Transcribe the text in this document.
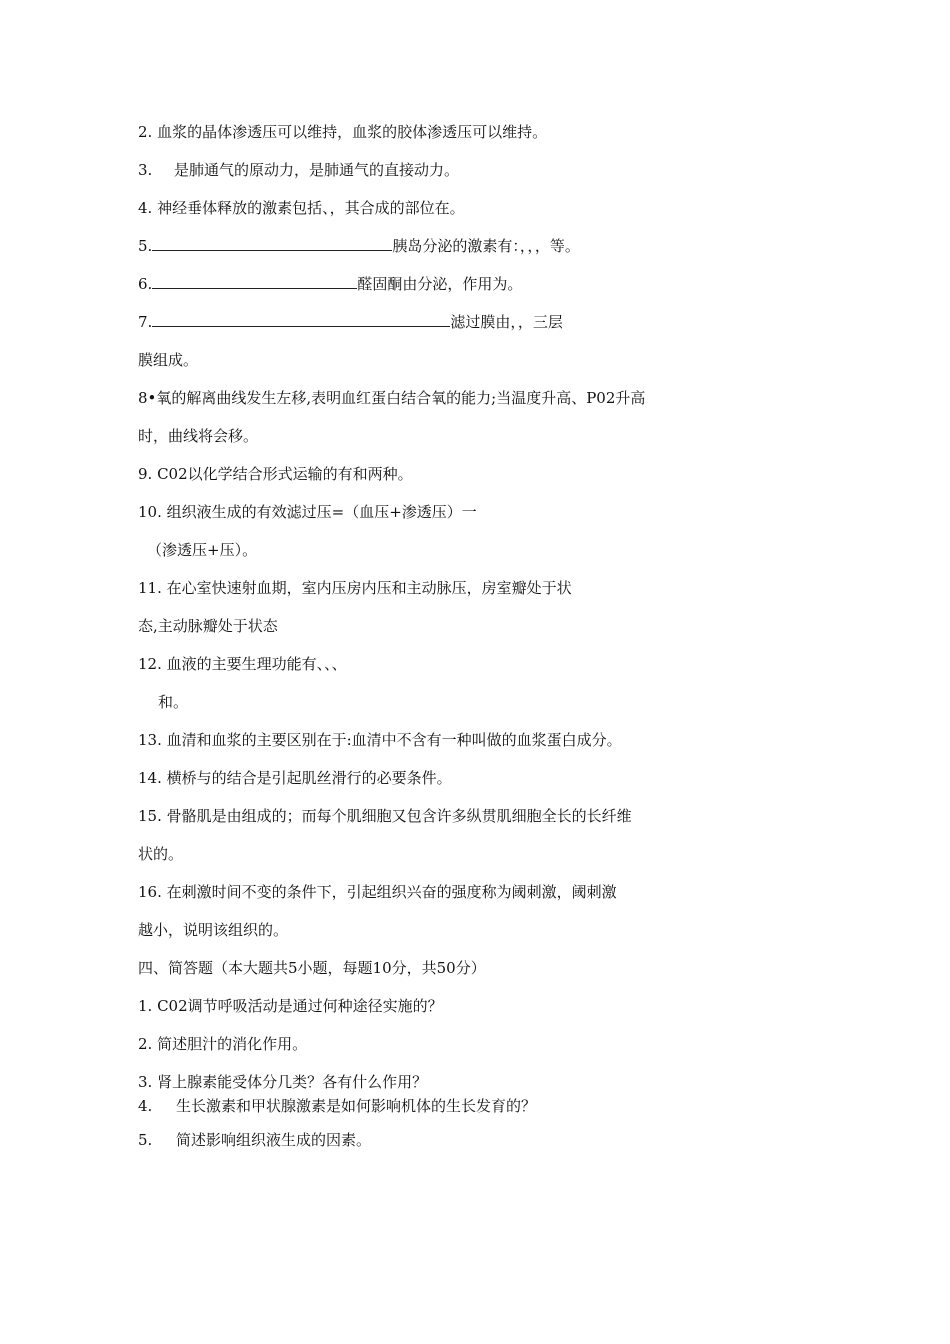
2. 血浆的晶体渗透压可以维持，血浆的胶体渗透压可以维持。
3. 是肺通气的原动力，是肺通气的直接动力。
4. 神经垂体释放的激素包括、，其合成的部位在。
5.	胰岛分泌的激素有：，，，等。
6.	醛固酮由分泌，作用为。
7.	滤过膜由，，三层
膜组成。
8•氧的解离曲线发生左移,表明血红蛋白结合氧的能力;当温度升高、P02升高
时，曲线将会移。
9. C02以化学结合形式运输的有和两种。
10. 组织液生成的有效滤过压=（血压+渗透压）一
（渗透压+压）。
11. 在心室快速射血期，室内压房内压和主动脉压，房室瓣处于状
态,主动脉瓣处于状态
12. 血液的主要生理功能有、、、
和。
13. 血清和血浆的主要区别在于:血清中不含有一种叫做的血浆蛋白成分。
14. 横桥与的结合是引起肌丝滑行的必要条件。
15. 骨骼肌是由组成的；而每个肌细胞又包含许多纵贯肌细胞全长的长纤维
状的。
16. 在刺激时间不变的条件下，引起组织兴奋的强度称为阈刺激，阈刺激
越小，说明该组织的。
四、简答题（本大题共5小题，每题10分，共50分）
1. C02调节呼吸活动是通过何种途径实施的？
2. 简述胆汁的消化作用。
3. 肾上腺素能受体分几类？各有什么作用？
4. 生长激素和甲状腺激素是如何影响机体的生长发育的？
5. 简述影响组织液生成的因素。
